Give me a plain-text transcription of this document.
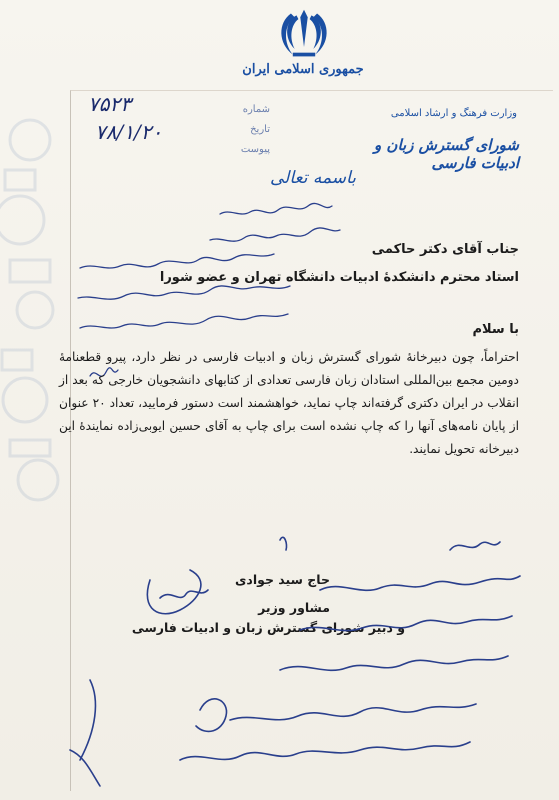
جمهوری اسلامی ایران
وزارت فرهنگ و ارشاد اسلامی
شورای گسترش زبان و ادبیات فارسی
شماره
تاریخ
پیوست
۷۵۲۳
۷۸/۱/۲۰
باسمه تعالی
جناب آقای دکتر حاکمی
استاد محترم دانشکدهٔ ادبیات دانشگاه تهران و عضو شورا
با سلام
احتراماً، چون دبیرخانهٔ شورای گسترش زبان و ادبیات فارسی در نظر دارد، پیرو قطعنامهٔ دومین مجمع بین‌المللی استادان زبان فارسی تعدادی از کتابهای دانشجویان خارجی که بعد از انقلاب در ایران دکتری گرفته‌اند چاپ نماید، خواهشمند است دستور فرمایید، تعداد ۲۰ عنوان از پایان نامه‌های آنها را که چاپ نشده است برای چاپ به آقای حسین ایوبی‌زاده نمایندهٔ این دبیرخانه تحویل نمایند.
حاج سید جوادی
مشاور وزیر
و دبیر شورای گسترش زبان و ادبیات فارسی
